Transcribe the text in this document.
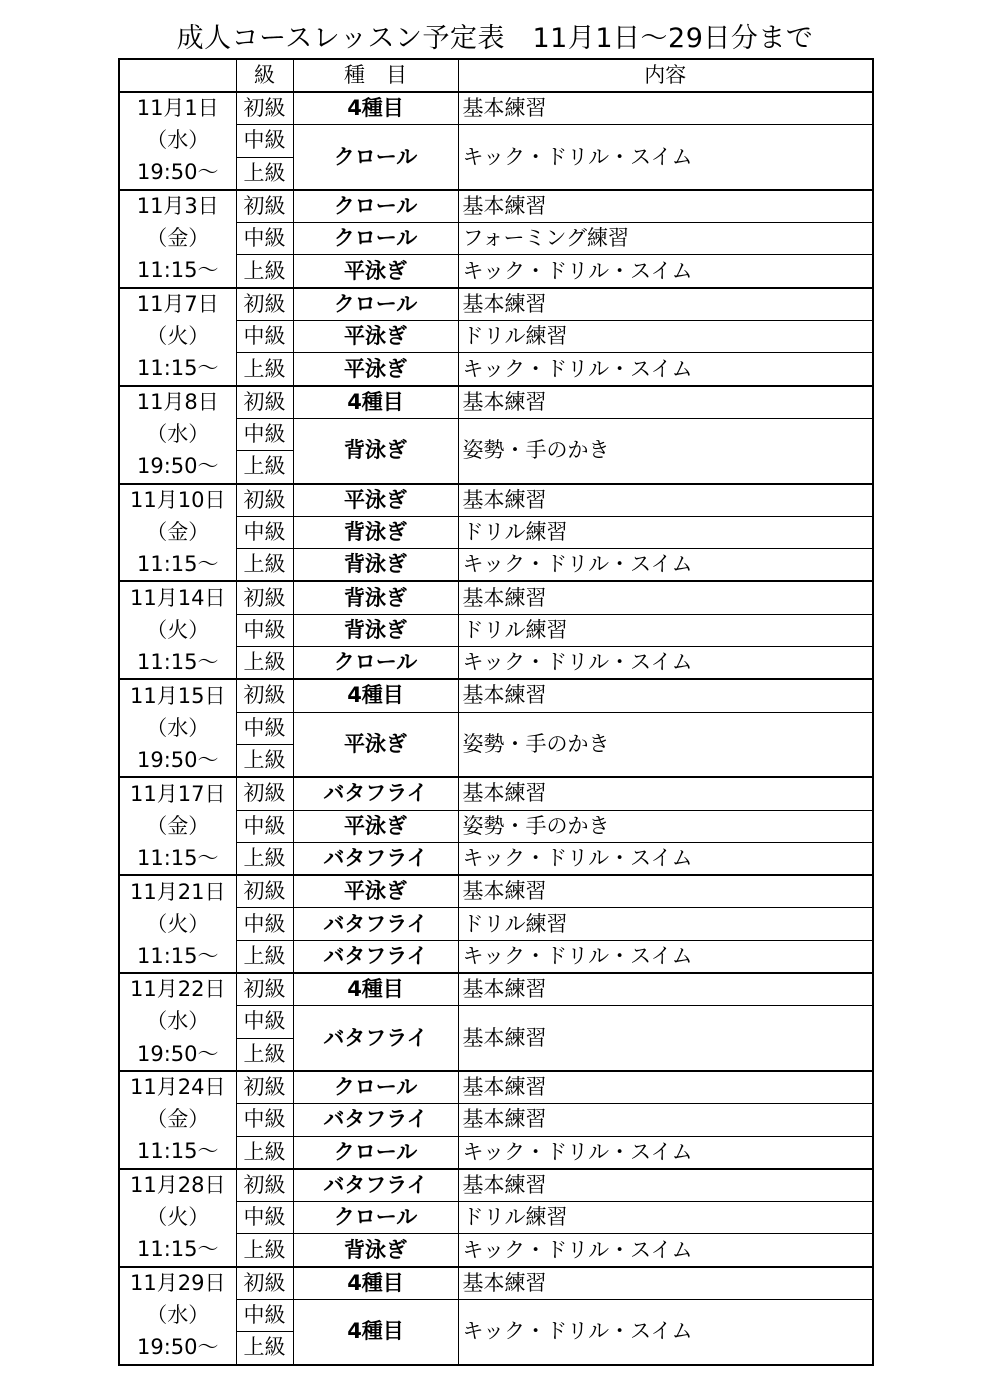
成人コースレッスン予定表　11月1日～29日分まで
	級	種　目	内容
11月1日	初級	4種目	基本練習
（水）	中級	クロール	キック・ドリル・スイム
19:50～	上級		
11月3日	初級	クロール	基本練習
（金）	中級	クロール	フォーミング練習
11:15～	上級	平泳ぎ	キック・ドリル・スイム
11月7日	初級	クロール	基本練習
（火）	中級	平泳ぎ	ドリル練習
11:15～	上級	平泳ぎ	キック・ドリル・スイム
11月8日	初級	4種目	基本練習
（水）	中級	背泳ぎ	姿勢・手のかき
19:50～	上級		
11月10日	初級	平泳ぎ	基本練習
（金）	中級	背泳ぎ	ドリル練習
11:15～	上級	背泳ぎ	キック・ドリル・スイム
11月14日	初級	背泳ぎ	基本練習
（火）	中級	背泳ぎ	ドリル練習
11:15～	上級	クロール	キック・ドリル・スイム
11月15日	初級	4種目	基本練習
（水）	中級	平泳ぎ	姿勢・手のかき
19:50～	上級		
11月17日	初級	バタフライ	基本練習
（金）	中級	平泳ぎ	姿勢・手のかき
11:15～	上級	バタフライ	キック・ドリル・スイム
11月21日	初級	平泳ぎ	基本練習
（火）	中級	バタフライ	ドリル練習
11:15～	上級	バタフライ	キック・ドリル・スイム
11月22日	初級	4種目	基本練習
（水）	中級	バタフライ	基本練習
19:50～	上級		
11月24日	初級	クロール	基本練習
（金）	中級	バタフライ	基本練習
11:15～	上級	クロール	キック・ドリル・スイム
11月28日	初級	バタフライ	基本練習
（火）	中級	クロール	ドリル練習
11:15～	上級	背泳ぎ	キック・ドリル・スイム
11月29日	初級	4種目	基本練習
（水）	中級	4種目	キック・ドリル・スイム
19:50～	上級		
